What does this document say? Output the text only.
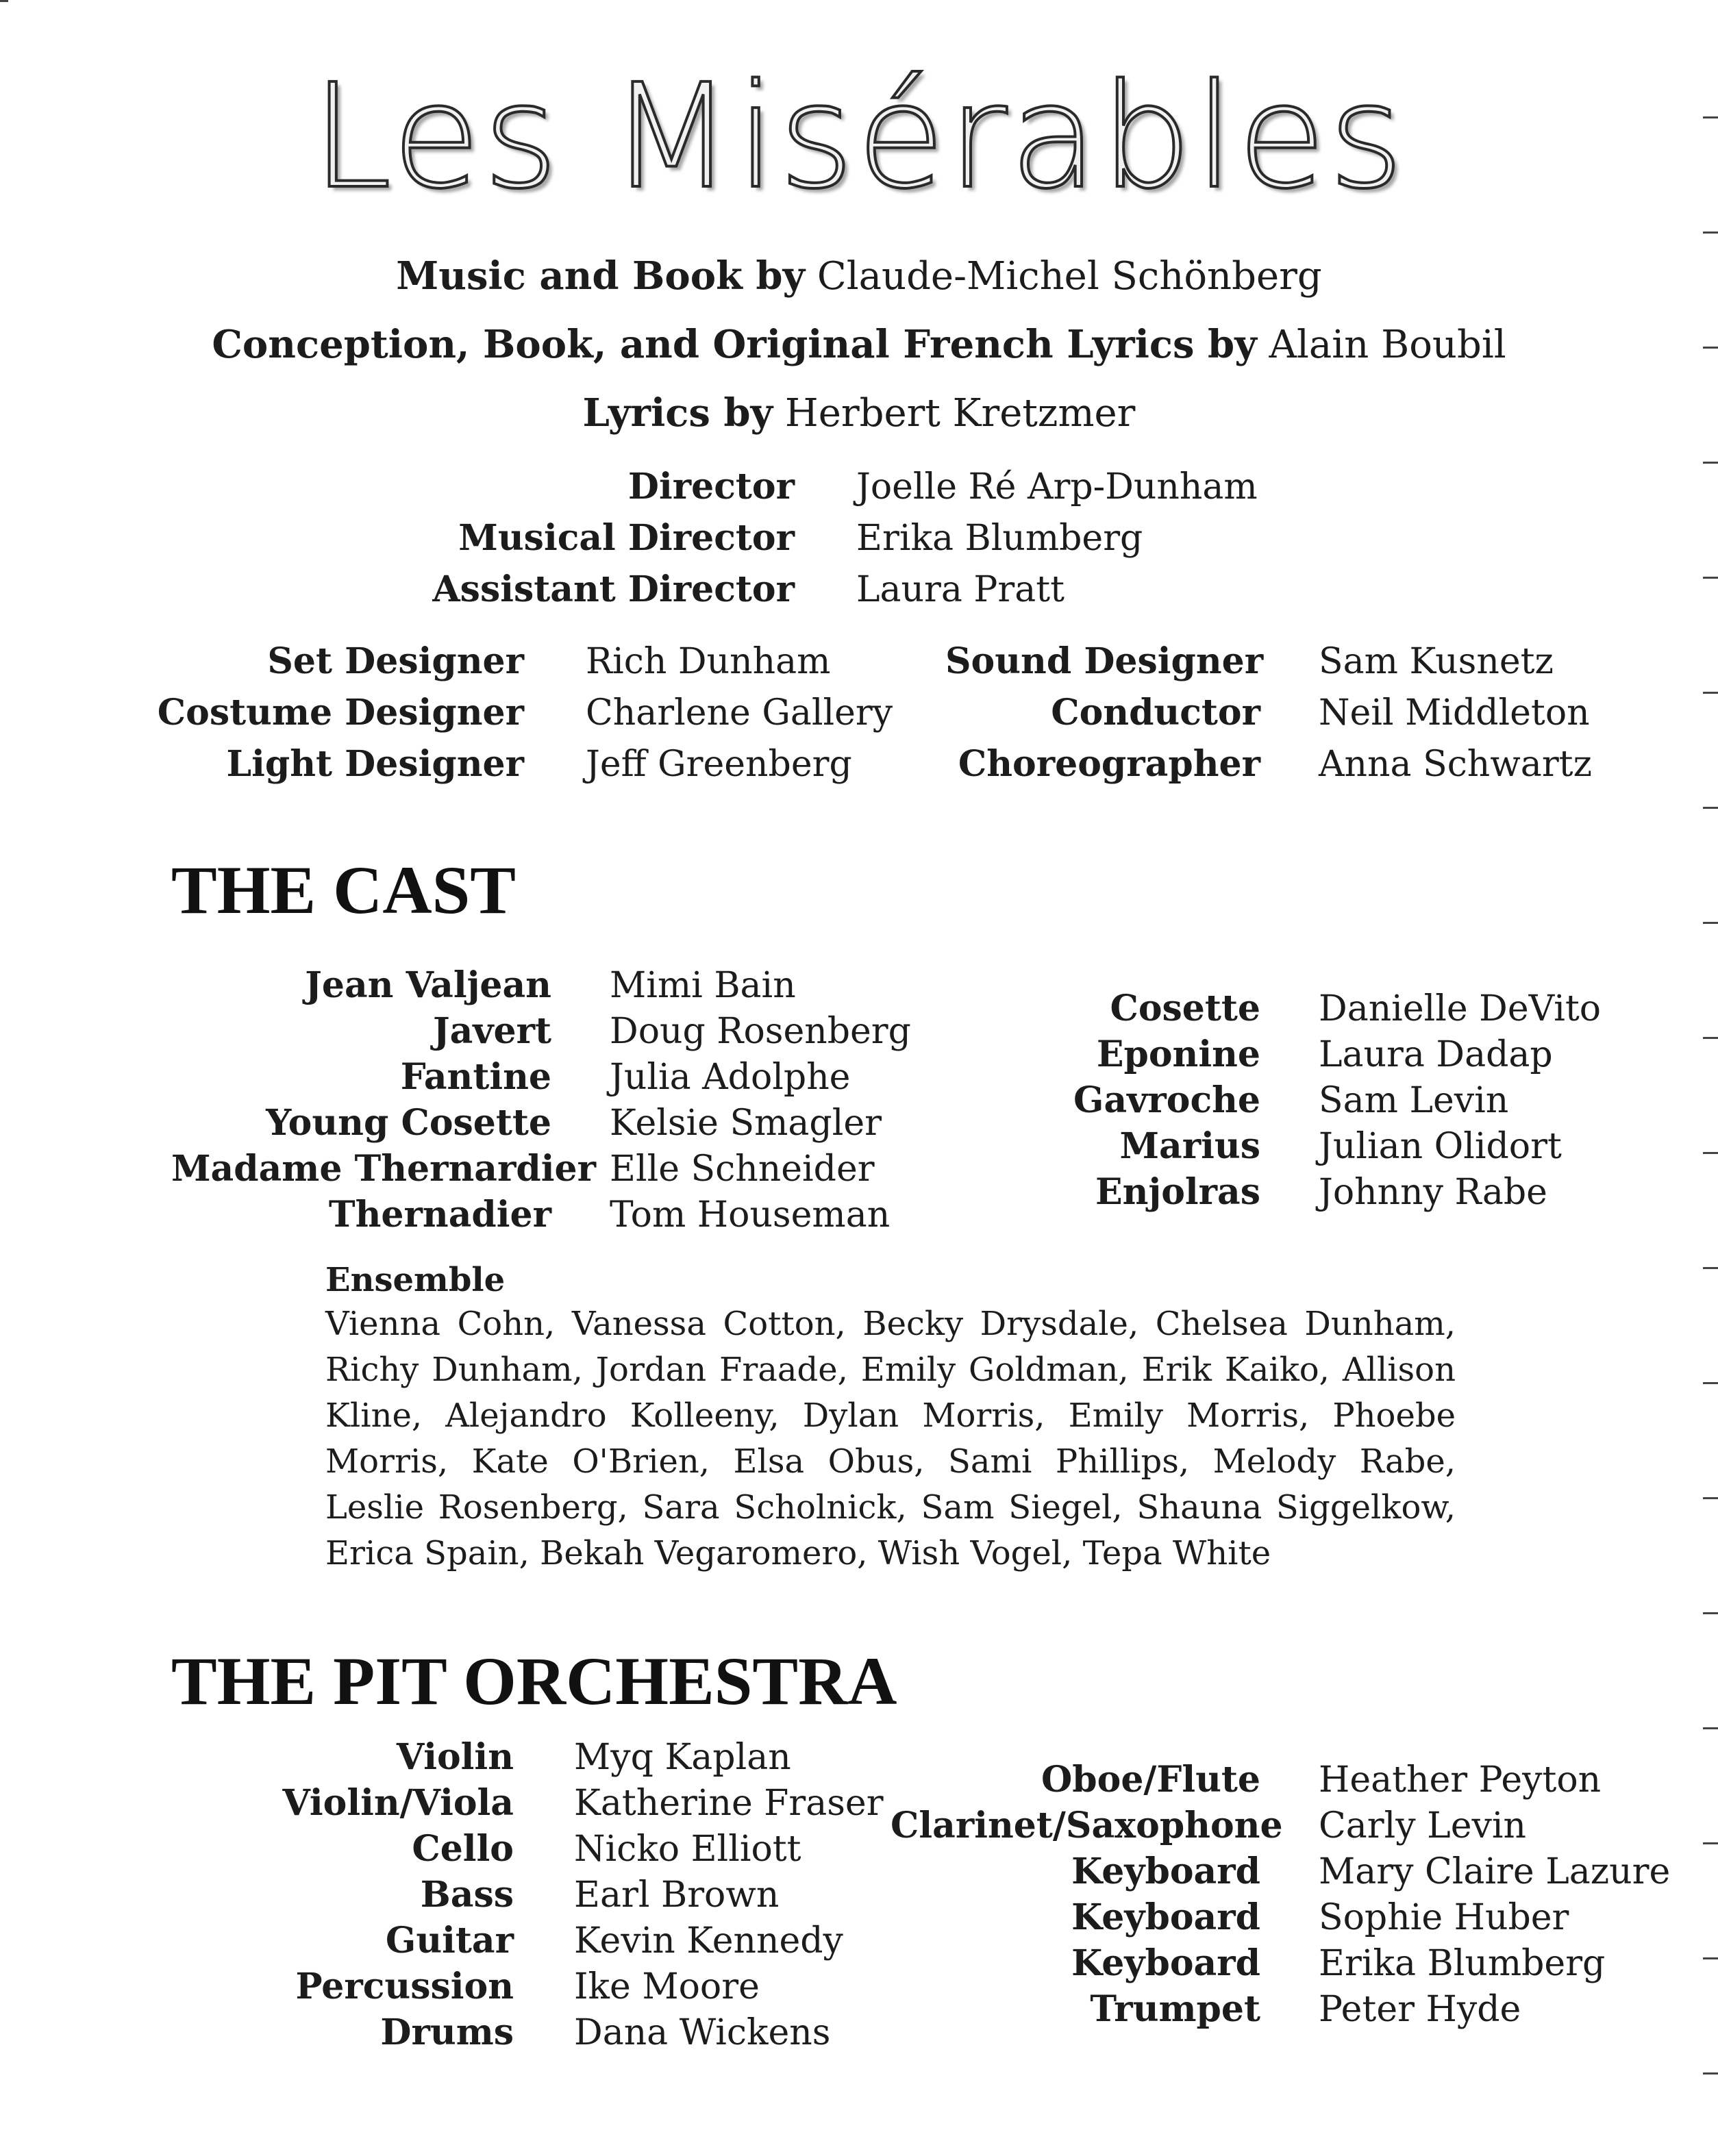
Les Misérables
Music and Book by Claude-Michel Schönberg
Conception, Book, and Original French Lyrics by Alain Boubil
Lyrics by Herbert Kretzmer
Director
Musical Director
Assistant Director
Joelle Ré Arp-Dunham
Erika Blumberg
Laura Pratt
Set Designer
Costume Designer
Light Designer
Rich Dunham
Charlene Gallery
Jeff Greenberg
Sound Designer
Conductor
Choreographer
Sam Kusnetz
Neil Middleton
Anna Schwartz
THE CAST
Jean Valjean
Javert
Fantine
Young Cosette
Madame Thernardier
Thernadier
Mimi Bain
Doug Rosenberg
Julia Adolphe
Kelsie Smagler
Elle Schneider
Tom Houseman
Cosette
Eponine
Gavroche
Marius
Enjolras
Danielle DeVito
Laura Dadap
Sam Levin
Julian Olidort
Johnny Rabe
Ensemble
Vienna Cohn, Vanessa Cotton, Becky Drysdale, Chelsea Dunham, Richy Dunham, Jordan Fraade, Emily Goldman, Erik Kaiko, Allison Kline, Alejandro Kolleeny, Dylan Morris, Emily Morris, Phoebe Morris, Kate O'Brien, Elsa Obus, Sami Phillips, Melody Rabe, Leslie Rosenberg, Sara Scholnick, Sam Siegel, Shauna Siggelkow, Erica Spain, Bekah Vegaromero, Wish Vogel, Tepa White
THE PIT ORCHESTRA
Violin
Violin/Viola
Cello
Bass
Guitar
Percussion
Drums
Myq Kaplan
Katherine Fraser
Nicko Elliott
Earl Brown
Kevin Kennedy
Ike Moore
Dana Wickens
Oboe/Flute
Clarinet/Saxophone
Keyboard
Keyboard
Keyboard
Trumpet
Heather Peyton
Carly Levin
Mary Claire Lazure
Sophie Huber
Erika Blumberg
Peter Hyde
